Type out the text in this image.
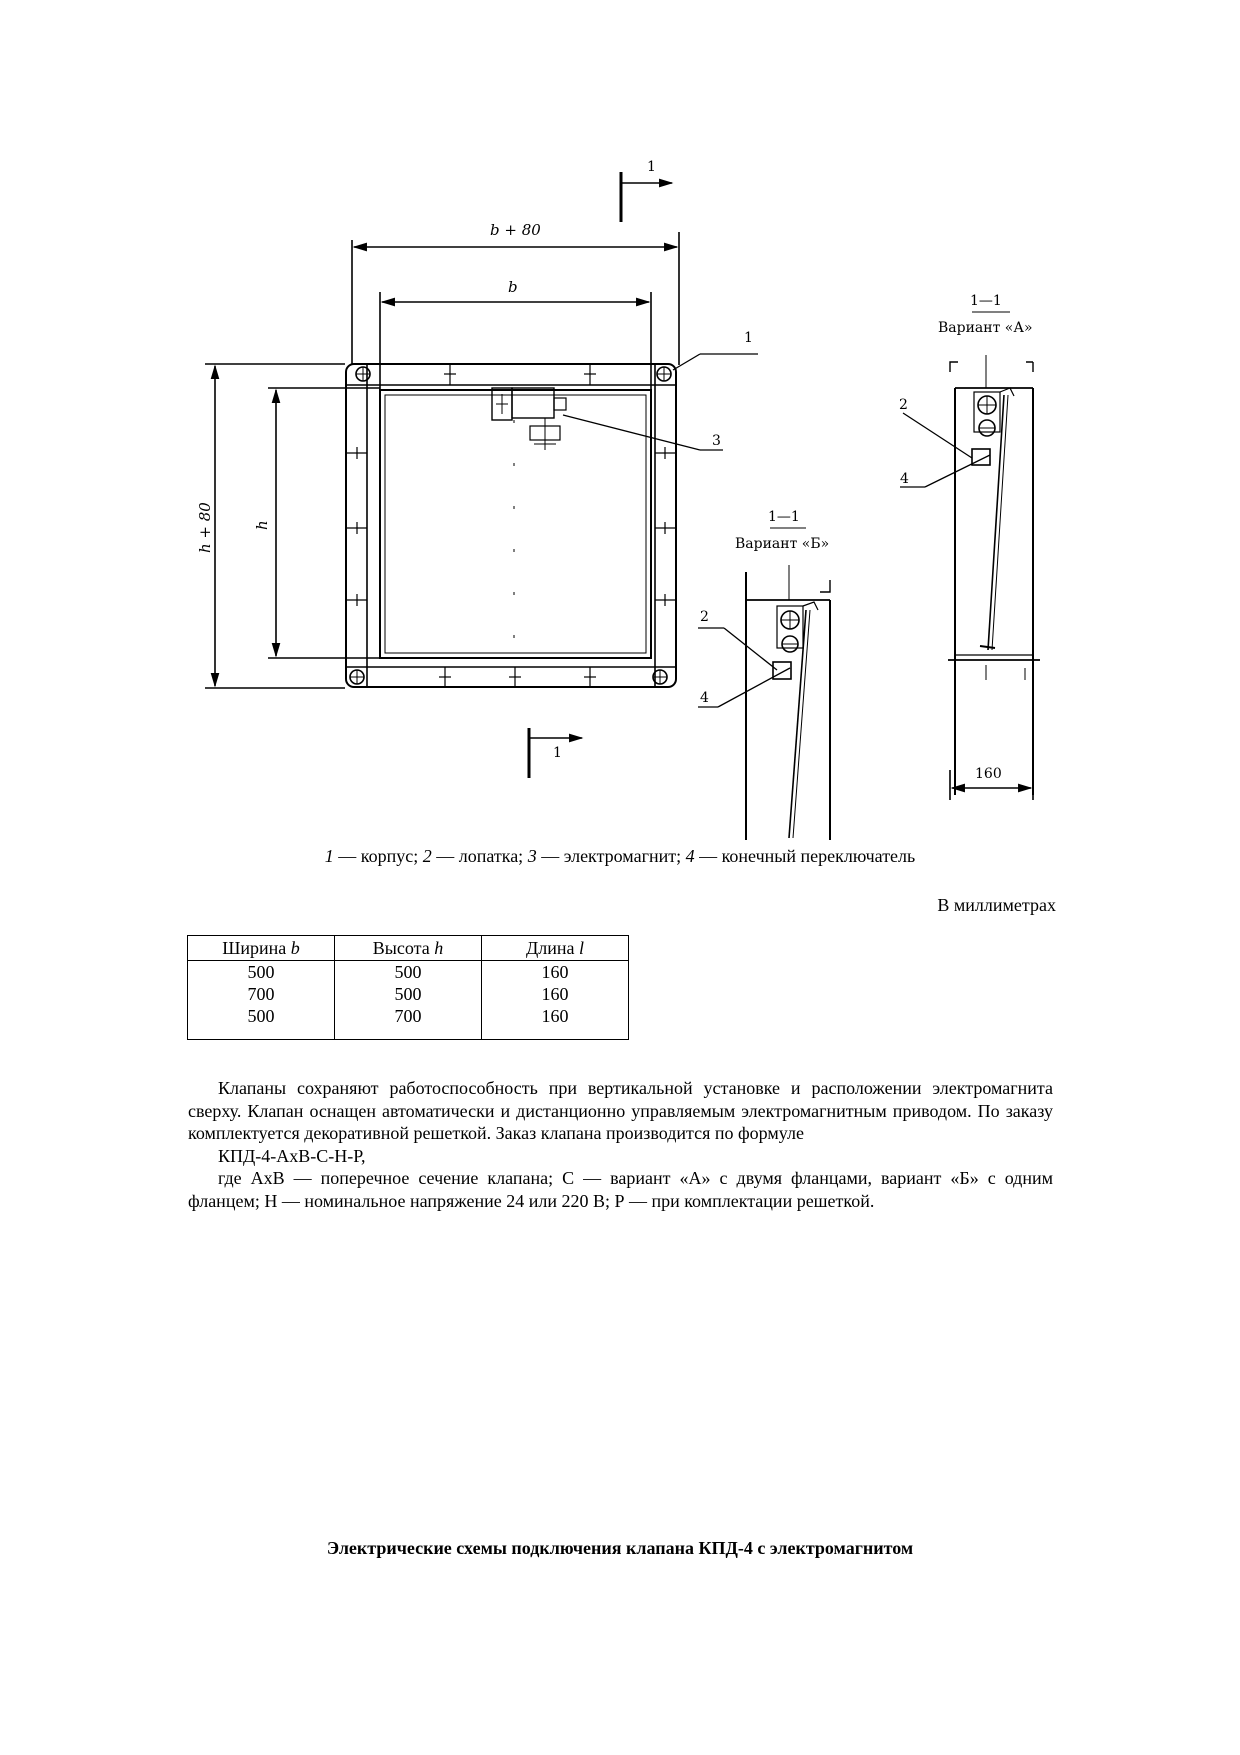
1
1
b + 80
b
h + 80	h
1
3
1—1
Вариант «А»
2
4
160
1—1
Вариант «Б»
2
4
1 — корпус; 2 — лопатка; 3 — электромагнит; 4 — конечный переключатель
В миллиметрах
Ширина b	Высота h	Длина l
500	500	160
700	500	160
500	700	160

Клапаны сохраняют работоспособность при вертикальной установке и расположении электромагнита сверху. Клапан оснащен автоматически и дистанционно управляемым электромагнитным приводом. По заказу комплектуется декоративной решеткой. Заказ клапана производится по формуле

КПД-4-АхВ-С-Н-Р,

где АхВ — поперечное сечение клапана; С — вариант «А» с двумя фланцами, вариант «Б» с одним фланцем; Н — номинальное напряжение 24 или 220 В; Р — при комплектации решеткой.

Электрические схемы подключения клапана КПД-4 с электромагнитом
